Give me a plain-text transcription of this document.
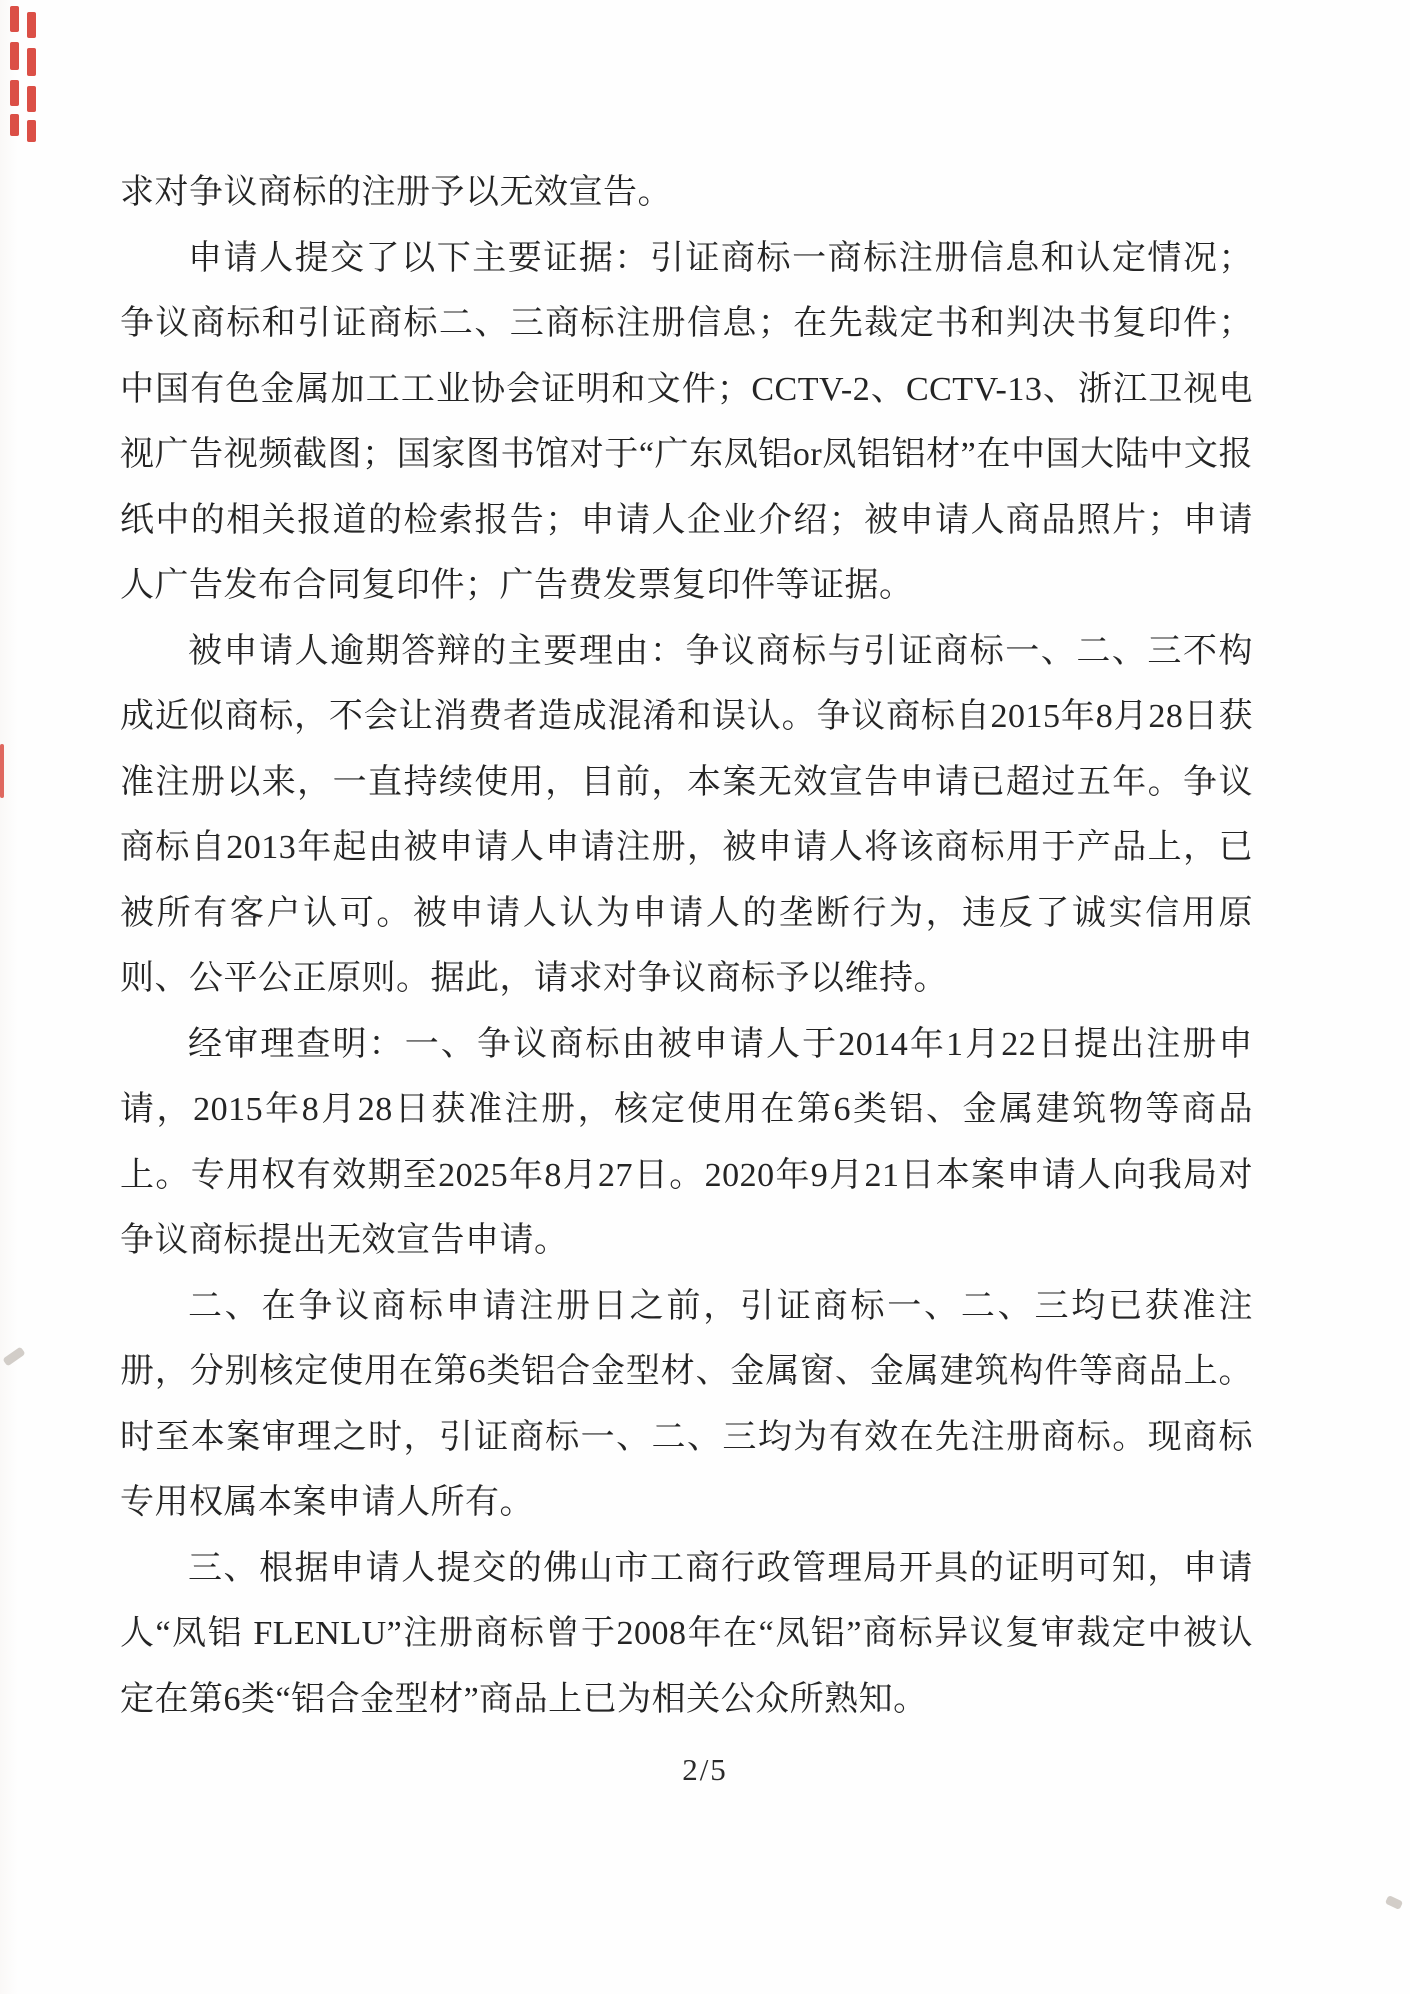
求对争议商标的注册予以无效宣告。

申请人提交了以下主要证据：引证商标一商标注册信息和认定情况；争议商标和引证商标二、三商标注册信息；在先裁定书和判决书复印件；中国有色金属加工工业协会证明和文件；CCTV-2、CCTV-13、浙江卫视电视广告视频截图；国家图书馆对于“广东凤铝or凤铝铝材”在中国大陆中文报纸中的相关报道的检索报告；申请人企业介绍；被申请人商品照片；申请人广告发布合同复印件；广告费发票复印件等证据。

被申请人逾期答辩的主要理由：争议商标与引证商标一、二、三不构成近似商标，不会让消费者造成混淆和误认。争议商标自2015年8月28日获准注册以来，一直持续使用，目前，本案无效宣告申请已超过五年。争议商标自2013年起由被申请人申请注册，被申请人将该商标用于产品上，已被所有客户认可。被申请人认为申请人的垄断行为，违反了诚实信用原则、公平公正原则。据此，请求对争议商标予以维持。

经审理查明：一、争议商标由被申请人于2014年1月22日提出注册申请，2015年8月28日获准注册，核定使用在第6类铝、金属建筑物等商品上。专用权有效期至2025年8月27日。2020年9月21日本案申请人向我局对争议商标提出无效宣告申请。

二、在争议商标申请注册日之前，引证商标一、二、三均已获准注册，分别核定使用在第6类铝合金型材、金属窗、金属建筑构件等商品上。时至本案审理之时，引证商标一、二、三均为有效在先注册商标。现商标专用权属本案申请人所有。

三、根据申请人提交的佛山市工商行政管理局开具的证明可知，申请人“凤铝 FLENLU”注册商标曾于2008年在“凤铝”商标异议复审裁定中被认定在第6类“铝合金型材”商品上已为相关公众所熟知。

2/5
